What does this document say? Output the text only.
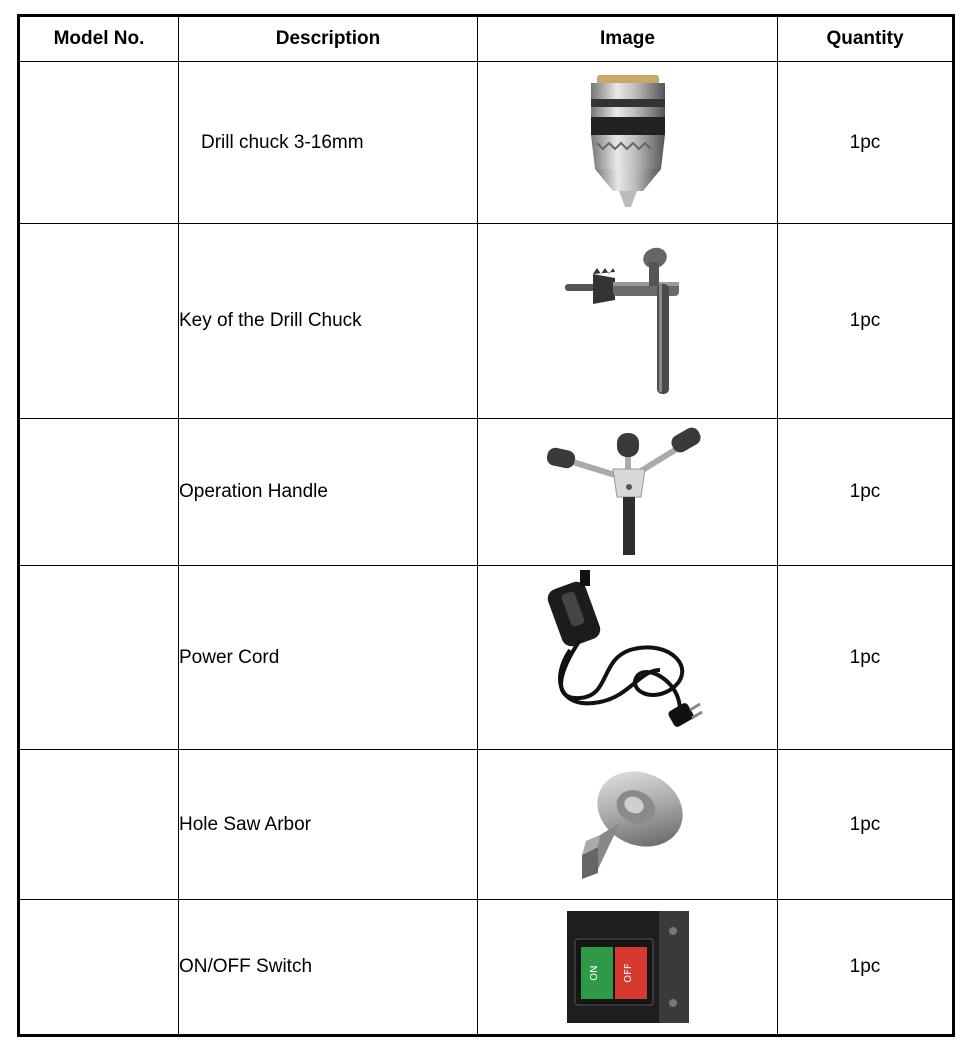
Model No.	Description	Image	Quantity
	Drill chuck 3-16mm		1pc
	Key of the Drill Chuck		1pc
	Operation Handle		1pc
	Power Cord		1pc
	Hole Saw Arbor		1pc
	ON/OFF Switch	ON OFF	1pc
